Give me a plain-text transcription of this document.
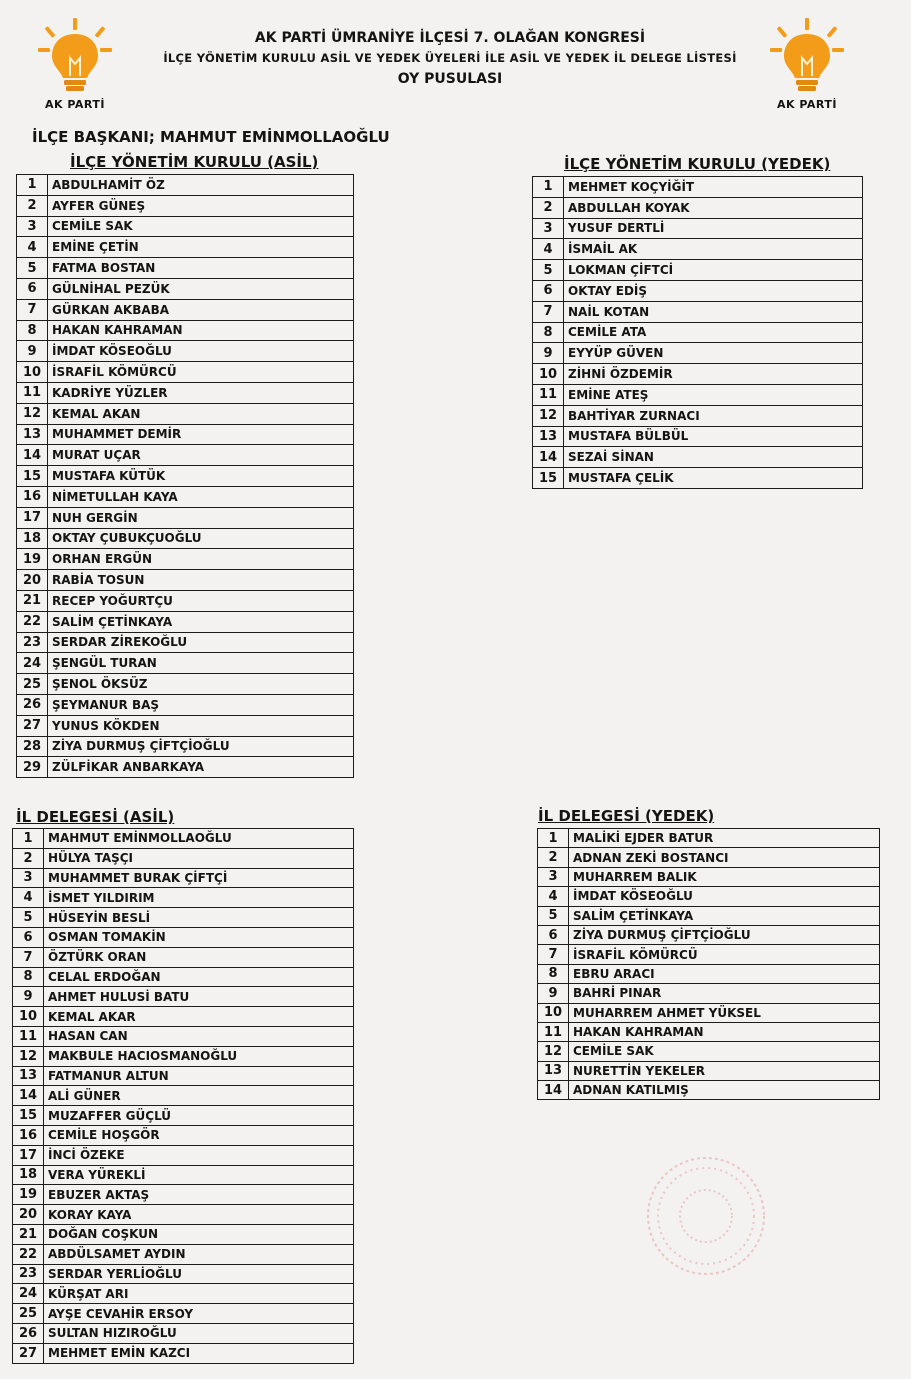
AK PARTİ	AK PARTİ
AK PARTİ ÜMRANİYE İLÇESİ 7. OLAĞAN KONGRESİ
İLÇE YÖNETİM KURULU ASİL VE YEDEK ÜYELERİ İLE ASİL VE YEDEK İL DELEGE LİSTESİ
OY PUSULASI
İLÇE BAŞKANI; MAHMUT EMİNMOLLAOĞLU
İLÇE YÖNETİM KURULU (ASİL)	İLÇE YÖNETİM KURULU (YEDEK)
İL DELEGESİ (ASİL)	İL DELEGESİ (YEDEK)
1	ABDULHAMİT ÖZ
2	AYFER GÜNEŞ
3	CEMİLE SAK
4	EMİNE ÇETİN
5	FATMA BOSTAN
6	GÜLNİHAL PEZÜK
7	GÜRKAN AKBABA
8	HAKAN KAHRAMAN
9	İMDAT KÖSEOĞLU
10	İSRAFİL KÖMÜRCÜ
11	KADRİYE YÜZLER
12	KEMAL AKAN
13	MUHAMMET DEMİR
14	MURAT UÇAR
15	MUSTAFA KÜTÜK
16	NİMETULLAH KAYA
17	NUH GERGİN
18	OKTAY ÇUBUKÇUOĞLU
19	ORHAN ERGÜN
20	RABİA TOSUN
21	RECEP YOĞURTÇU
22	SALİM ÇETİNKAYA
23	SERDAR ZİREKOĞLU
24	ŞENGÜL TURAN
25	ŞENOL ÖKSÜZ
26	ŞEYMANUR BAŞ
27	YUNUS KÖKDEN
28	ZİYA DURMUŞ ÇİFTÇİOĞLU
29	ZÜLFİKAR ANBARKAYA
1	MEHMET KOÇYİĞİT
2	ABDULLAH KOYAK
3	YUSUF DERTLİ
4	İSMAİL AK
5	LOKMAN ÇİFTCİ
6	OKTAY EDİŞ
7	NAİL KOTAN
8	CEMİLE ATA
9	EYYÜP GÜVEN
10	ZİHNİ ÖZDEMİR
11	EMİNE ATEŞ
12	BAHTİYAR ZURNACI
13	MUSTAFA BÜLBÜL
14	SEZAİ SİNAN
15	MUSTAFA ÇELİK
1	MAHMUT EMİNMOLLAOĞLU
2	HÜLYA TAŞÇI
3	MUHAMMET BURAK ÇİFTÇİ
4	İSMET YILDIRIM
5	HÜSEYİN BESLİ
6	OSMAN TOMAKİN
7	ÖZTÜRK ORAN
8	CELAL ERDOĞAN
9	AHMET HULUSİ BATU
10	KEMAL AKAR
11	HASAN CAN
12	MAKBULE HACIOSMANOĞLU
13	FATMANUR ALTUN
14	ALİ GÜNER
15	MUZAFFER GÜÇLÜ
16	CEMİLE HOŞGÖR
17	İNCİ ÖZEKE
18	VERA YÜREKLİ
19	EBUZER AKTAŞ
20	KORAY KAYA
21	DOĞAN COŞKUN
22	ABDÜLSAMET AYDIN
23	SERDAR YERLİOĞLU
24	KÜRŞAT ARI
25	AYŞE CEVAHİR ERSOY
26	SULTAN HIZIROĞLU
27	MEHMET EMİN KAZCI
1	MALİKİ EJDER BATUR
2	ADNAN ZEKİ BOSTANCI
3	MUHARREM BALIK
4	İMDAT KÖSEOĞLU
5	SALİM ÇETİNKAYA
6	ZİYA DURMUŞ ÇİFTÇİOĞLU
7	İSRAFİL KÖMÜRCÜ
8	EBRU ARACI
9	BAHRİ PINAR
10	MUHARREM AHMET YÜKSEL
11	HAKAN KAHRAMAN
12	CEMİLE SAK
13	NURETTİN YEKELER
14	ADNAN KATILMIŞ
